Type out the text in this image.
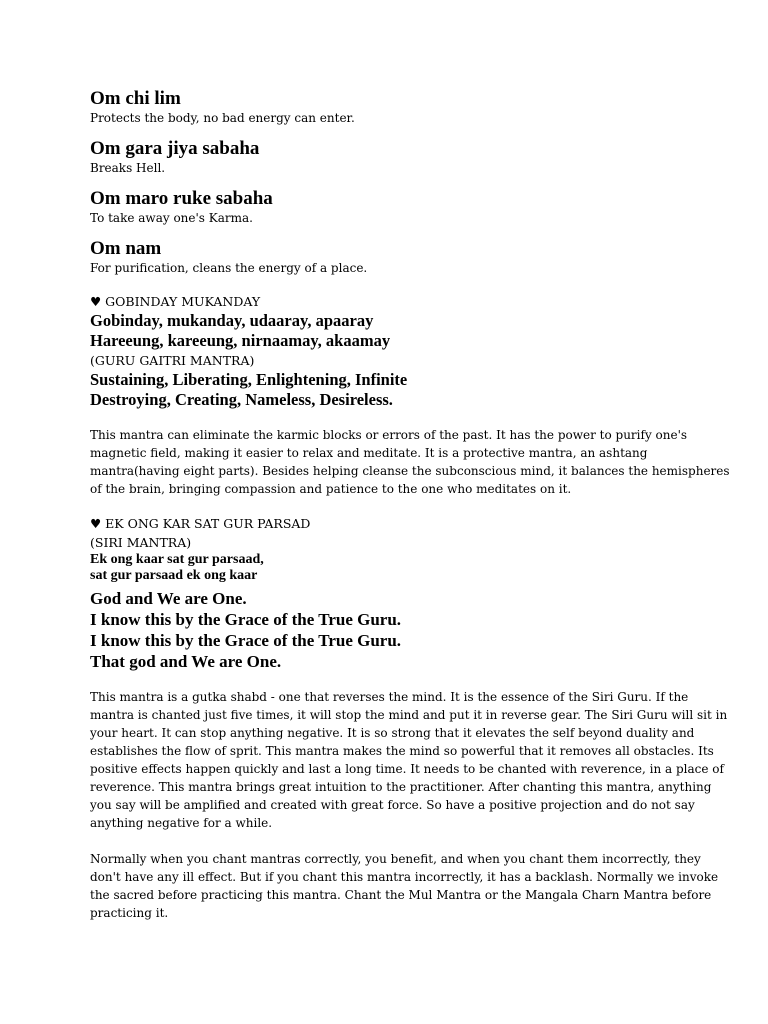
Om chi lim

Protects the body, no bad energy can enter.

Om gara jiya sabaha

Breaks Hell.

Om maro ruke sabaha

To take away one's Karma.

Om nam

For purification, cleans the energy of a place.

♥ GOBINDAY MUKANDAY

Gobinday, mukanday, udaaray, apaaray

Hareeung, kareeung, nirnaamay, akaamay

(GURU GAITRI MANTRA)

Sustaining, Liberating, Enlightening, Infinite

Destroying, Creating, Nameless, Desireless.

This mantra can eliminate the karmic blocks or errors of the past. It has the power to purify one's magnetic field, making it easier to relax and meditate. It is a protective mantra, an ashtang mantra(having eight parts). Besides helping cleanse the subconscious mind, it balances the hemispheres of the brain, bringing compassion and patience to the one who meditates on it.

♥ EK ONG KAR SAT GUR PARSAD

(SIRI MANTRA)

Ek ong kaar sat gur parsaad,

sat gur parsaad ek ong kaar

God and We are One.

I know this by the Grace of the True Guru.

I know this by the Grace of the True Guru.

That god and We are One.

This mantra is a gutka shabd - one that reverses the mind. It is the essence of the Siri Guru. If the mantra is chanted just five times, it will stop the mind and put it in reverse gear. The Siri Guru will sit in your heart. It can stop anything negative. It is so strong that it elevates the self beyond duality and establishes the flow of sprit. This mantra makes the mind so powerful that it removes all obstacles. Its positive effects happen quickly and last a long time. It needs to be chanted with reverence, in a place of reverence. This mantra brings great intuition to the practitioner. After chanting this mantra, anything you say will be amplified and created with great force. So have a positive projection and do not say anything negative for a while.

Normally when you chant mantras correctly, you benefit, and when you chant them incorrectly, they don't have any ill effect. But if you chant this mantra incorrectly, it has a backlash. Normally we invoke the sacred before practicing this mantra. Chant the Mul Mantra or the Mangala Charn Mantra before practicing it.
